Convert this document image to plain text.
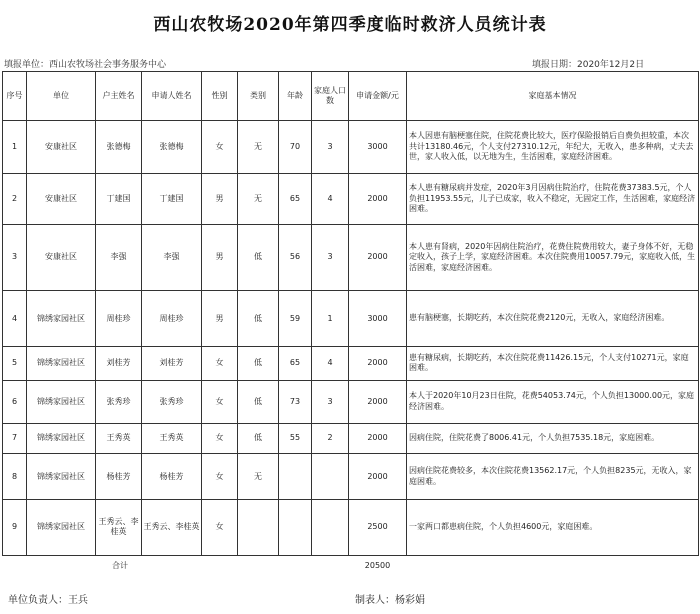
西山农牧场2020年第四季度临时救济人员统计表
填报单位：西山农牧场社会事务服务中心	填报日期：2020年12月2日
序号	单位	户主姓名	申请人姓名	性别	类别	年龄	家庭人口数	申请金额/元	家庭基本情况
1	安康社区	张德梅	张德梅	女	无	70	3	3000	本人因患有脑梗塞住院，住院花费比较大，医疗保险报销后自费负担较重，本次共计13180.46元，个人支付27310.12元，年纪大，无收入，患多种病，丈夫去世，家人收入低，以无地为生，生活困难，家庭经济困难。
2	安康社区	丁建国	丁建国	男	无	65	4	2000	本人患有糖尿病并发症，2020年3月因病住院治疗，住院花费37383.5元，个人负担11953.55元，儿子已成家，收入不稳定，无固定工作，生活困难，家庭经济困难。
3	安康社区	李强	李强	男	低	56	3	2000	本人患有肾病，2020年因病住院治疗，花费住院费用较大，妻子身体不好，无稳定收入，孩子上学，家庭经济困难。本次住院费用10057.79元，家庭收入低，生活困难，家庭经济困难。
4	锦绣家园社区	周桂珍	周桂珍	男	低	59	1	3000	患有脑梗塞，长期吃药，本次住院花费2120元，无收入，家庭经济困难。
5	锦绣家园社区	刘桂芳	刘桂芳	女	低	65	4	2000	患有糖尿病，长期吃药，本次住院花费11426.15元，个人支付10271元，家庭困难。
6	锦绣家园社区	张秀珍	张秀珍	女	低	73	3	2000	本人于2020年10月23日住院，花费54053.74元，个人负担13000.00元，家庭经济困难。
7	锦绣家园社区	王秀英	王秀英	女	低	55	2	2000	因病住院，住院花费了8006.41元，个人负担7535.18元，家庭困难。
8	锦绣家园社区	杨桂芳	杨桂芳	女	无			2000	因病住院花费较多，本次住院花费13562.17元，个人负担8235元，无收入，家庭困难。
9	锦绣家园社区	王秀云、李桂英	王秀云、李桂英	女				2500	一家两口都患病住院，个人负担4600元，家庭困难。
合计								20500	
单位负责人：王兵	制表人：杨彩娟
